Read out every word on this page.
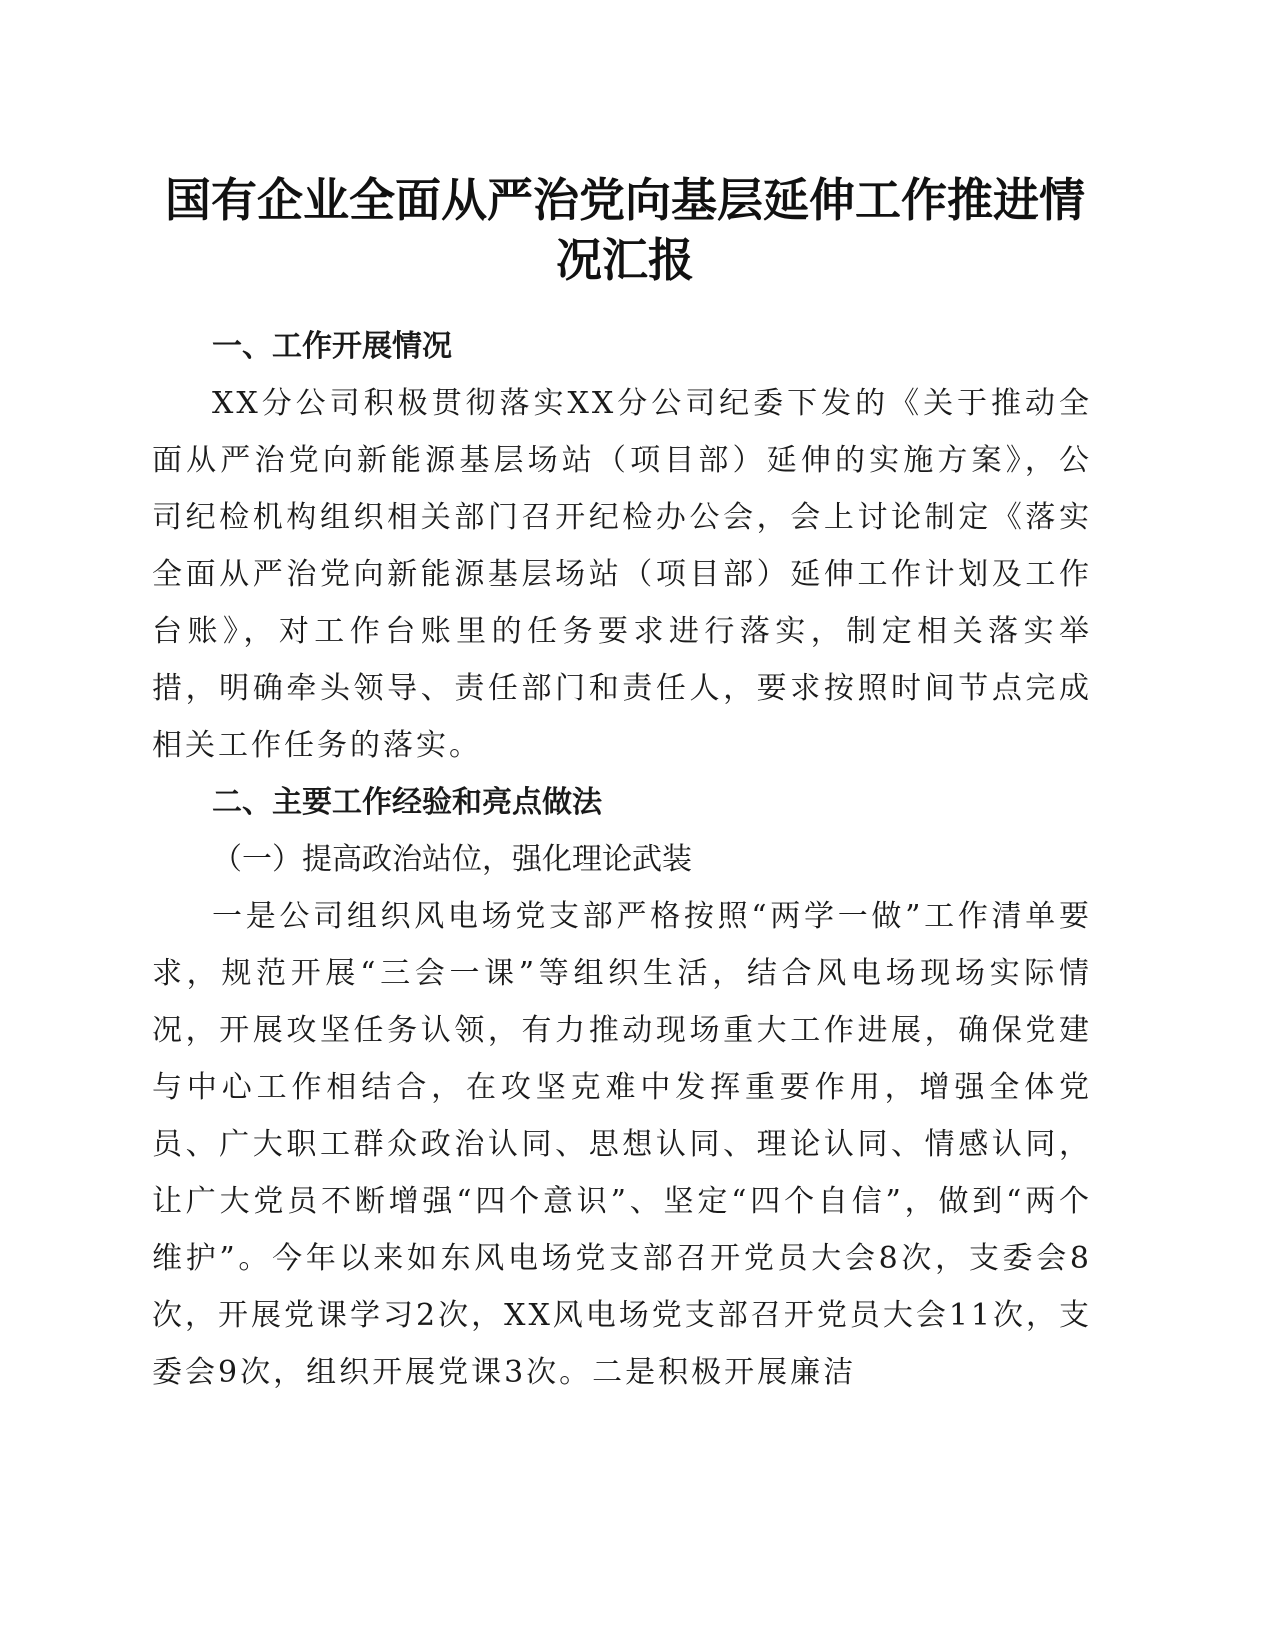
国有企业全面从严治党向基层延伸工作推进情况汇报

一、工作开展情况

XX分公司积极贯彻落实XX分公司纪委下发的《关于推动全面从严治党向新能源基层场站（项目部）延伸的实施方案》，公司纪检机构组织相关部门召开纪检办公会，会上讨论制定《落实全面从严治党向新能源基层场站（项目部）延伸工作计划及工作台账》，对工作台账里的任务要求进行落实，制定相关落实举措，明确牵头领导、责任部门和责任人，要求按照时间节点完成相关工作任务的落实。

二、主要工作经验和亮点做法

（一）提高政治站位，强化理论武装

一是公司组织风电场党支部严格按照“两学一做”工作清单要求，规范开展“三会一课”等组织生活，结合风电场现场实际情况，开展攻坚任务认领，有力推动现场重大工作进展，确保党建与中心工作相结合，在攻坚克难中发挥重要作用，增强全体党员、广大职工群众政治认同、思想认同、理论认同、情感认同，让广大党员不断增强“四个意识”、坚定“四个自信”，做到“两个维护”。今年以来如东风电场党支部召开党员大会8次，支委会8次，开展党课学习2次，XX风电场党支部召开党员大会11次，支委会9次，组织开展党课3次。二是积极开展廉洁
